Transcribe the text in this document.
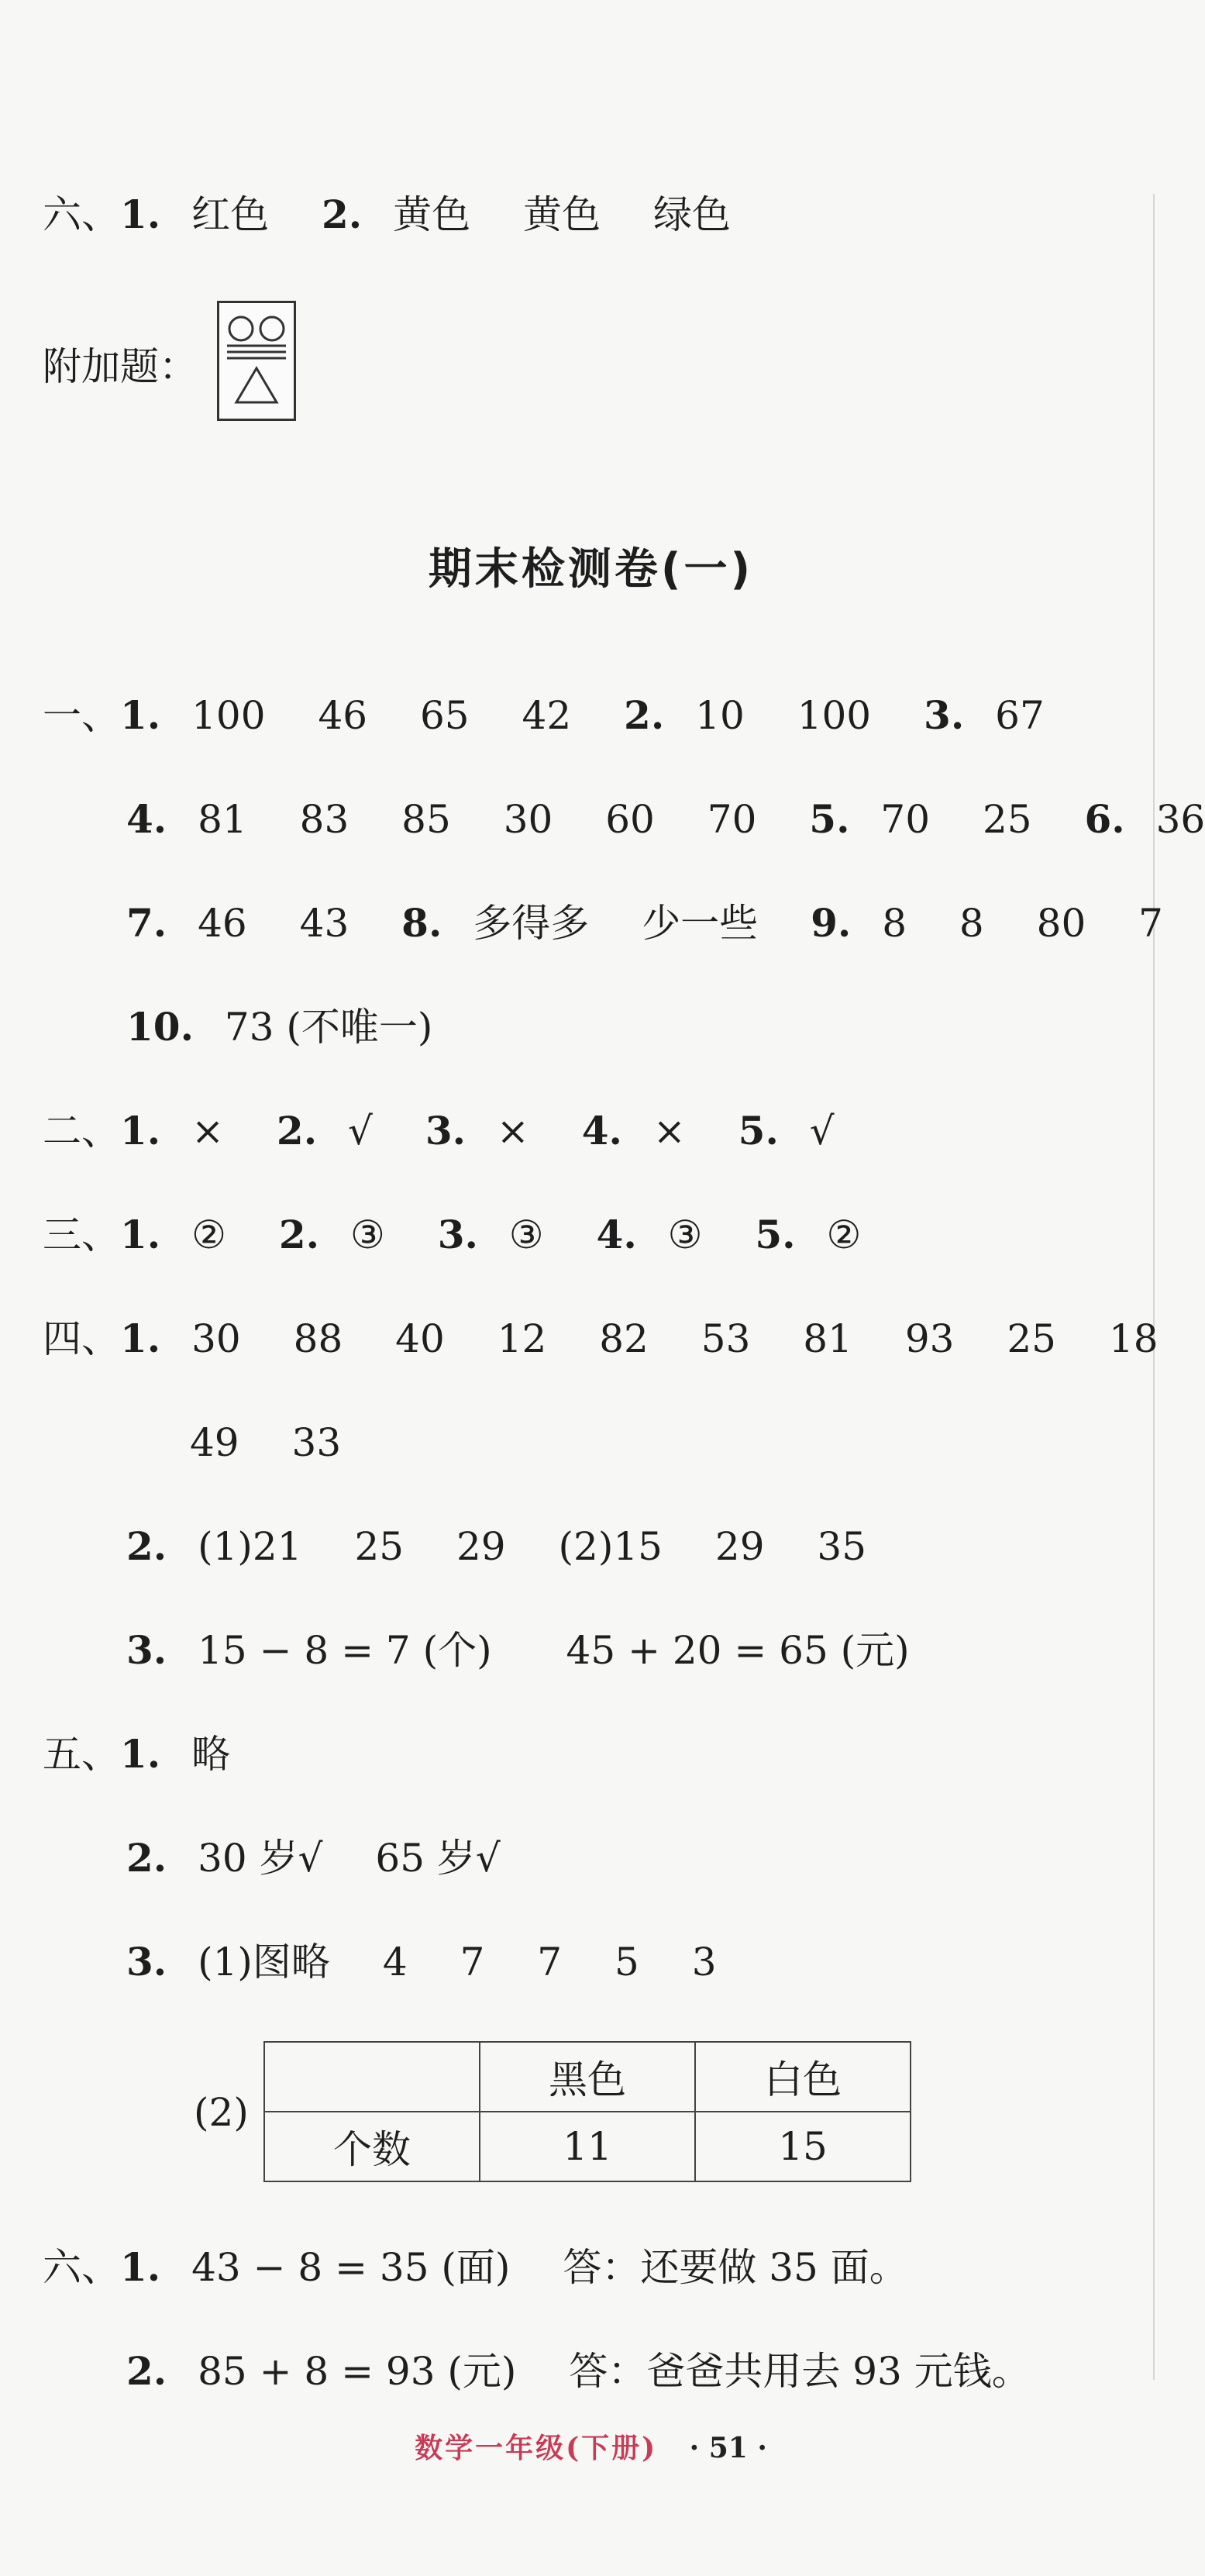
六、1. 红色 2. 黄色 黄色 绿色
附加题：
期末检测卷(一)
一、1. 100 46 65 42 2. 10 100 3. 67
4. 81 83 85 30 60 70 5. 70 25 6. 36
7. 46 43 8. 多得多 少一些 9. 8 8 80 7
10. 73 (不唯一)
二、1. × 2. √ 3. × 4. × 5. √
三、1. ② 2. ③ 3. ③ 4. ③ 5. ②
四、1. 30 88 40 12 82 53 81 93 25 18
49 33
2. (1)21 25 29 (2)15 29 35
3. 15 − 8 = 7 (个) 45 + 20 = 65 (元)
五、1. 略
2. 30 岁√ 65 岁√
3. (1)图略 4 7 7 5 3
(2)
	黑色	白色
个数	11	15
六、1. 43 − 8 = 35 (面) 答：还要做 35 面。
2. 85 + 8 = 93 (元) 答：爸爸共用去 93 元钱。
数学一年级(下册) · 51 ·
